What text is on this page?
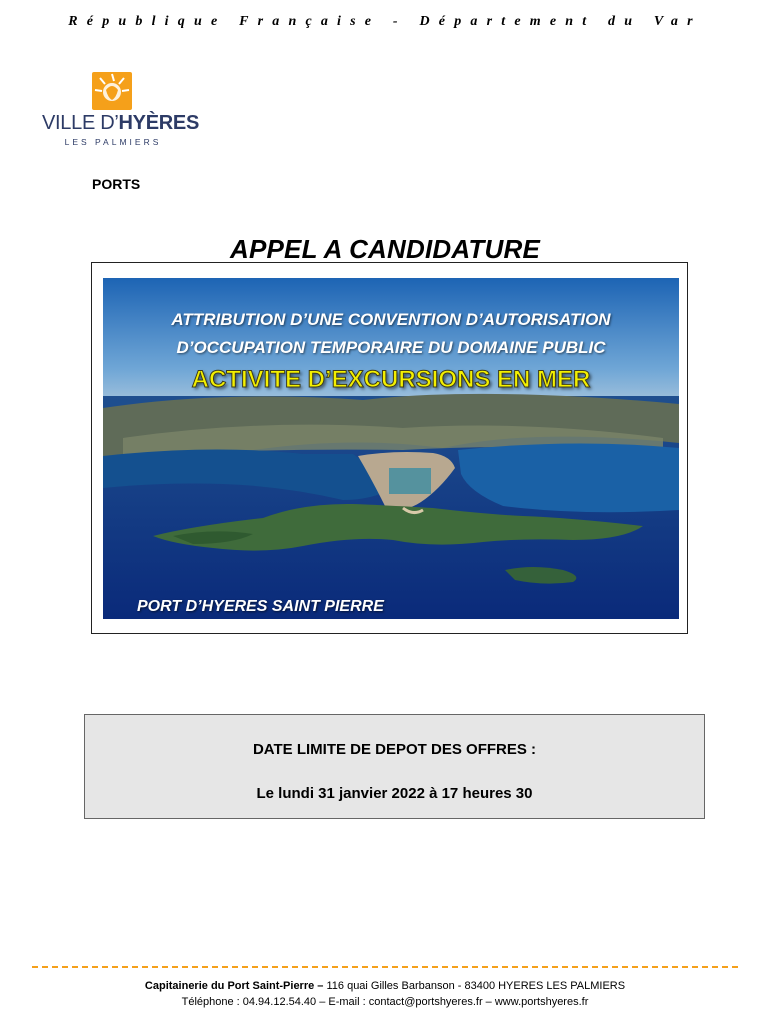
République Française - Département du Var
VILLE D’HYÈRES
LES PALMIERS
PORTS
APPEL A CANDIDATURE
ATTRIBUTION D’UNE CONVENTION D’AUTORISATION
D’OCCUPATION TEMPORAIRE DU DOMAINE PUBLIC
ACTIVITE D’EXCURSIONS EN MER
PORT D’HYERES SAINT PIERRE
DATE LIMITE DE DEPOT DES OFFRES :
Le lundi 31 janvier 2022 à 17 heures 30
Capitainerie du Port Saint-Pierre – 116 quai Gilles Barbanson - 83400 HYERES LES PALMIERS
Téléphone : 04.94.12.54.40 – E-mail : contact@portshyeres.fr – www.portshyeres.fr
